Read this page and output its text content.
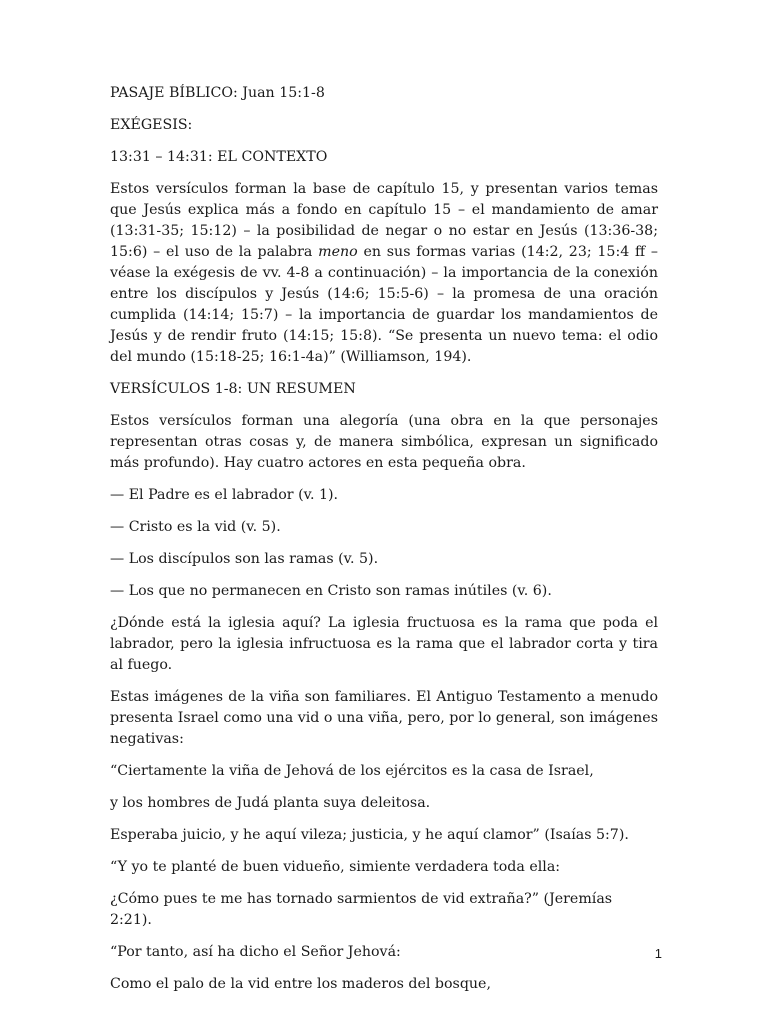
PASAJE BÍBLICO: Juan 15:1-8

EXÉGESIS:

13:31 – 14:31: EL CONTEXTO

Estos versículos forman la base de capítulo 15, y presentan varios temas que Jesús explica más a fondo en capítulo 15 – el mandamiento de amar (13:31-35; 15:12) – la posibilidad de negar o no estar en Jesús (13:36-38; 15:6) – el uso de la palabra meno en sus formas varias (14:2, 23; 15:4 ff – véase la exégesis de vv. 4-8 a continuación) – la importancia de la conexión entre los discípulos y Jesús (14:6; 15:5-6) – la promesa de una oración cumplida (14:14; 15:7) – la importancia de guardar los mandamientos de Jesús y de rendir fruto (14:15; 15:8). “Se presenta un nuevo tema: el odio del mundo (15:18-25; 16:1-4a)” (Williamson, 194).

VERSÍCULOS 1-8: UN RESUMEN

Estos versículos forman una alegoría (una obra en la que personajes representan otras cosas y, de manera simbólica, expresan un significado más profundo). Hay cuatro actores en esta pequeña obra.

— El Padre es el labrador (v. 1).

— Cristo es la vid (v. 5).

— Los discípulos son las ramas (v. 5).

— Los que no permanecen en Cristo son ramas inútiles (v. 6).

¿Dónde está la iglesia aquí? La iglesia fructuosa es la rama que poda el labrador, pero la iglesia infructuosa es la rama que el labrador corta y tira al fuego.

Estas imágenes de la viña son familiares. El Antiguo Testamento a menudo presenta Israel como una vid o una viña, pero, por lo general, son imágenes negativas:

“Ciertamente la viña de Jehová de los ejércitos es la casa de Israel,

y los hombres de Judá planta suya deleitosa.

Esperaba juicio, y he aquí vileza; justicia, y he aquí clamor” (Isaías 5:7).

“Y yo te planté de buen vidueño, simiente verdadera toda ella:

¿Cómo pues te me has tornado sarmientos de vid extraña?” (Jeremías 2:21).

“Por tanto, así ha dicho el Señor Jehová:

Como el palo de la vid entre los maderos del bosque,

1
